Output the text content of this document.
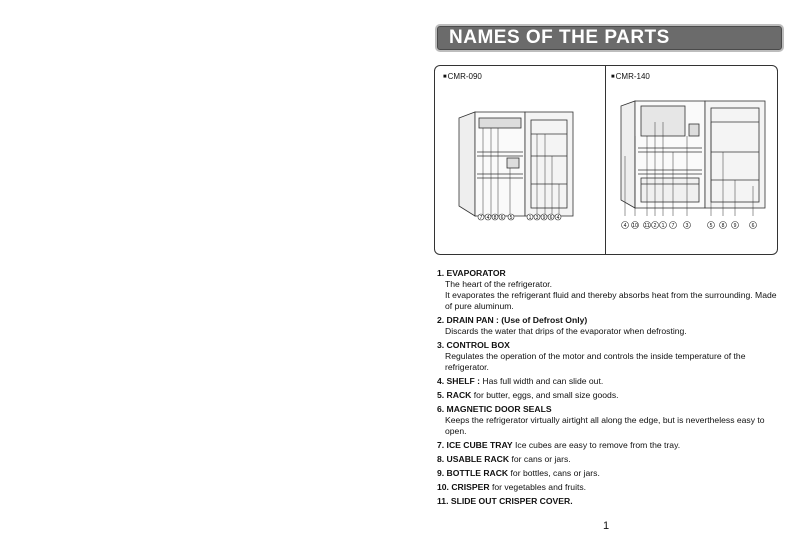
NAMES OF THE PARTS
■CMR-090	■CMR-140
7 4 8 6 5	1 3 9 6 4
4 10 11 2 1 7 3	5 8 9	6
1. EVAPORATOR
The heart of the refrigerator.
It evaporates the refrigerant fluid and thereby absorbs heat from the surrounding. Made of pure aluminum.
2. DRAIN PAN : (Use of Defrost Only)
Discards the water that drips of the evaporator when defrosting.
3. CONTROL BOX
Regulates the operation of the motor and controls the inside temperature of the refrigerator.
4. SHELF : Has full width and can slide out.
5. RACK for butter, eggs, and small size goods.
6. MAGNETIC DOOR SEALS
Keeps the refrigerator virtually airtight all along the edge, but is nevertheless easy to open.
7. ICE CUBE TRAY Ice cubes are easy to remove from the tray.
8. USABLE RACK for cans or jars.
9. BOTTLE RACK for bottles, cans or jars.
10. CRISPER for vegetables and fruits.
11. SLIDE OUT CRISPER COVER.
1
